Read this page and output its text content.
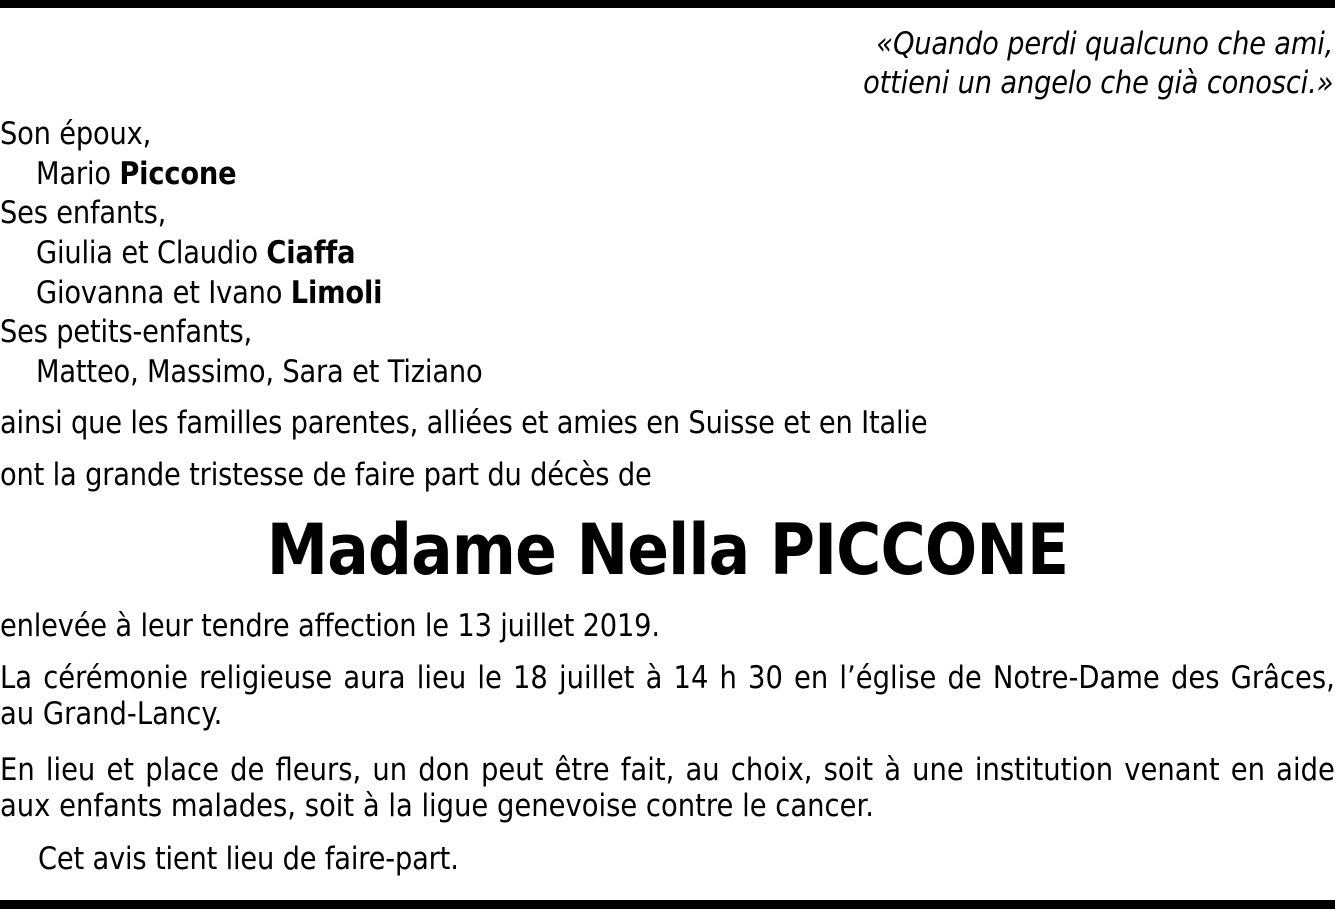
«Quando perdi qualcuno che ami,
ottieni un angelo che già conosci.»
Son époux,
Mario Piccone
Ses enfants,
Giulia et Claudio Ciaffa
Giovanna et Ivano Limoli
Ses petits-enfants,
Matteo, Massimo, Sara et Tiziano
ainsi que les familles parentes, alliées et amies en Suisse et en Italie
ont la grande tristesse de faire part du décès de
Madame Nella PICCONE
enlevée à leur tendre affection le 13 juillet 2019.
La cérémonie religieuse aura lieu le 18 juillet à 14 h 30 en l’église de Notre-Dame des Grâces, au Grand-Lancy.
En lieu et place de fleurs, un don peut être fait, au choix, soit à une institution venant en aide aux enfants malades, soit à la ligue genevoise contre le cancer.
Cet avis tient lieu de faire-part.
